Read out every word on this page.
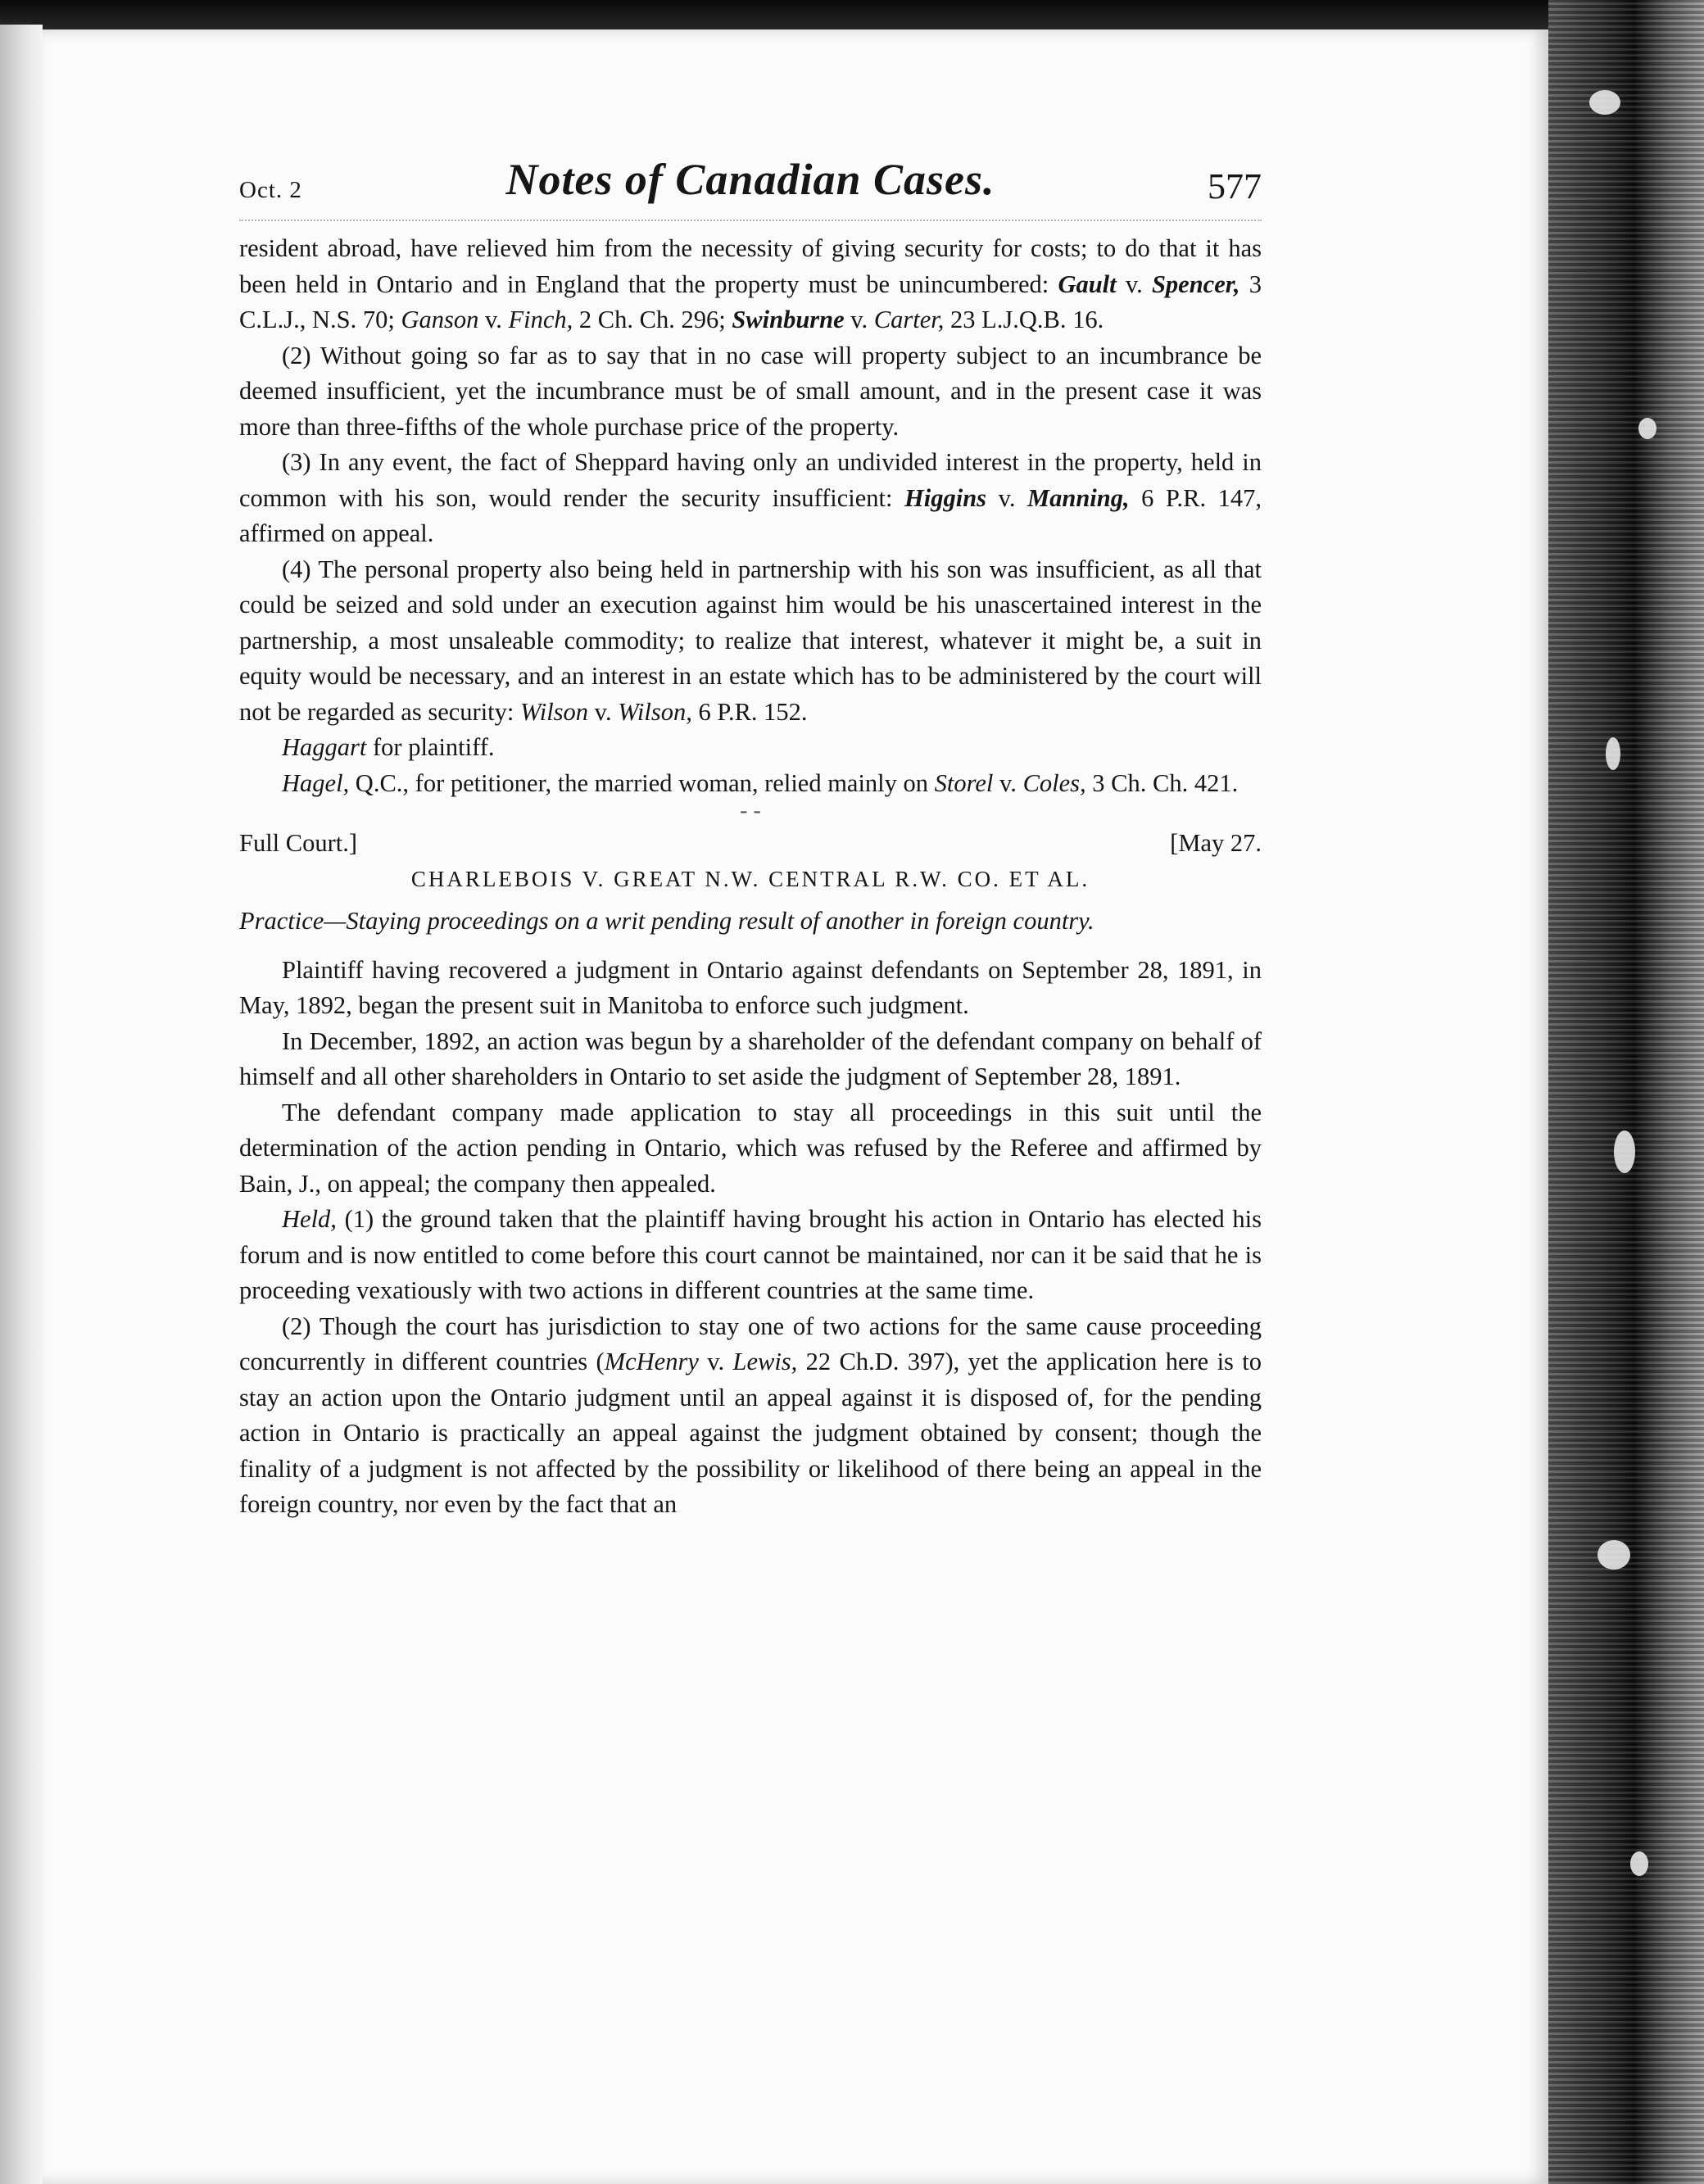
Oct. 2	Notes of Canadian Cases.	577

resident abroad, have relieved him from the necessity of giving security for costs; to do that it has been held in Ontario and in England that the property must be unincumbered: Gault v. Spencer, 3 C.L.J., N.S. 70; Ganson v. Finch, 2 Ch. Ch. 296; Swinburne v. Carter, 23 L.J.Q.B. 16.

(2) Without going so far as to say that in no case will property subject to an incumbrance be deemed insufficient, yet the incumbrance must be of small amount, and in the present case it was more than three-fifths of the whole purchase price of the property.

(3) In any event, the fact of Sheppard having only an undivided interest in the property, held in common with his son, would render the security insufficient: Higgins v. Manning, 6 P.R. 147, affirmed on appeal.

(4) The personal property also being held in partnership with his son was insufficient, as all that could be seized and sold under an execution against him would be his unascertained interest in the partnership, a most unsaleable commodity; to realize that interest, whatever it might be, a suit in equity would be necessary, and an interest in an estate which has to be administered by the court will not be regarded as security: Wilson v. Wilson, 6 P.R. 152.

Haggart for plaintiff.

Hagel, Q.C., for petitioner, the married woman, relied mainly on Storel v. Coles, 3 Ch. Ch. 421.

- -
Full Court.]	[May 27.
CHARLEBOIS V. GREAT N.W. CENTRAL R.W. CO. ET AL.

Practice—Staying proceedings on a writ pending result of another in foreign country.

Plaintiff having recovered a judgment in Ontario against defendants on September 28, 1891, in May, 1892, began the present suit in Manitoba to enforce such judgment.

In December, 1892, an action was begun by a shareholder of the defendant company on behalf of himself and all other shareholders in Ontario to set aside the judgment of September 28, 1891.

The defendant company made application to stay all proceedings in this suit until the determination of the action pending in Ontario, which was refused by the Referee and affirmed by Bain, J., on appeal; the company then appealed.

Held, (1) the ground taken that the plaintiff having brought his action in Ontario has elected his forum and is now entitled to come before this court cannot be maintained, nor can it be said that he is proceeding vexatiously with two actions in different countries at the same time.

(2) Though the court has jurisdiction to stay one of two actions for the same cause proceeding concurrently in different countries (McHenry v. Lewis, 22 Ch.D. 397), yet the application here is to stay an action upon the Ontario judgment until an appeal against it is disposed of, for the pending action in Ontario is practically an appeal against the judgment obtained by consent; though the finality of a judgment is not affected by the possibility or likelihood of there being an appeal in the foreign country, nor even by the fact that an
